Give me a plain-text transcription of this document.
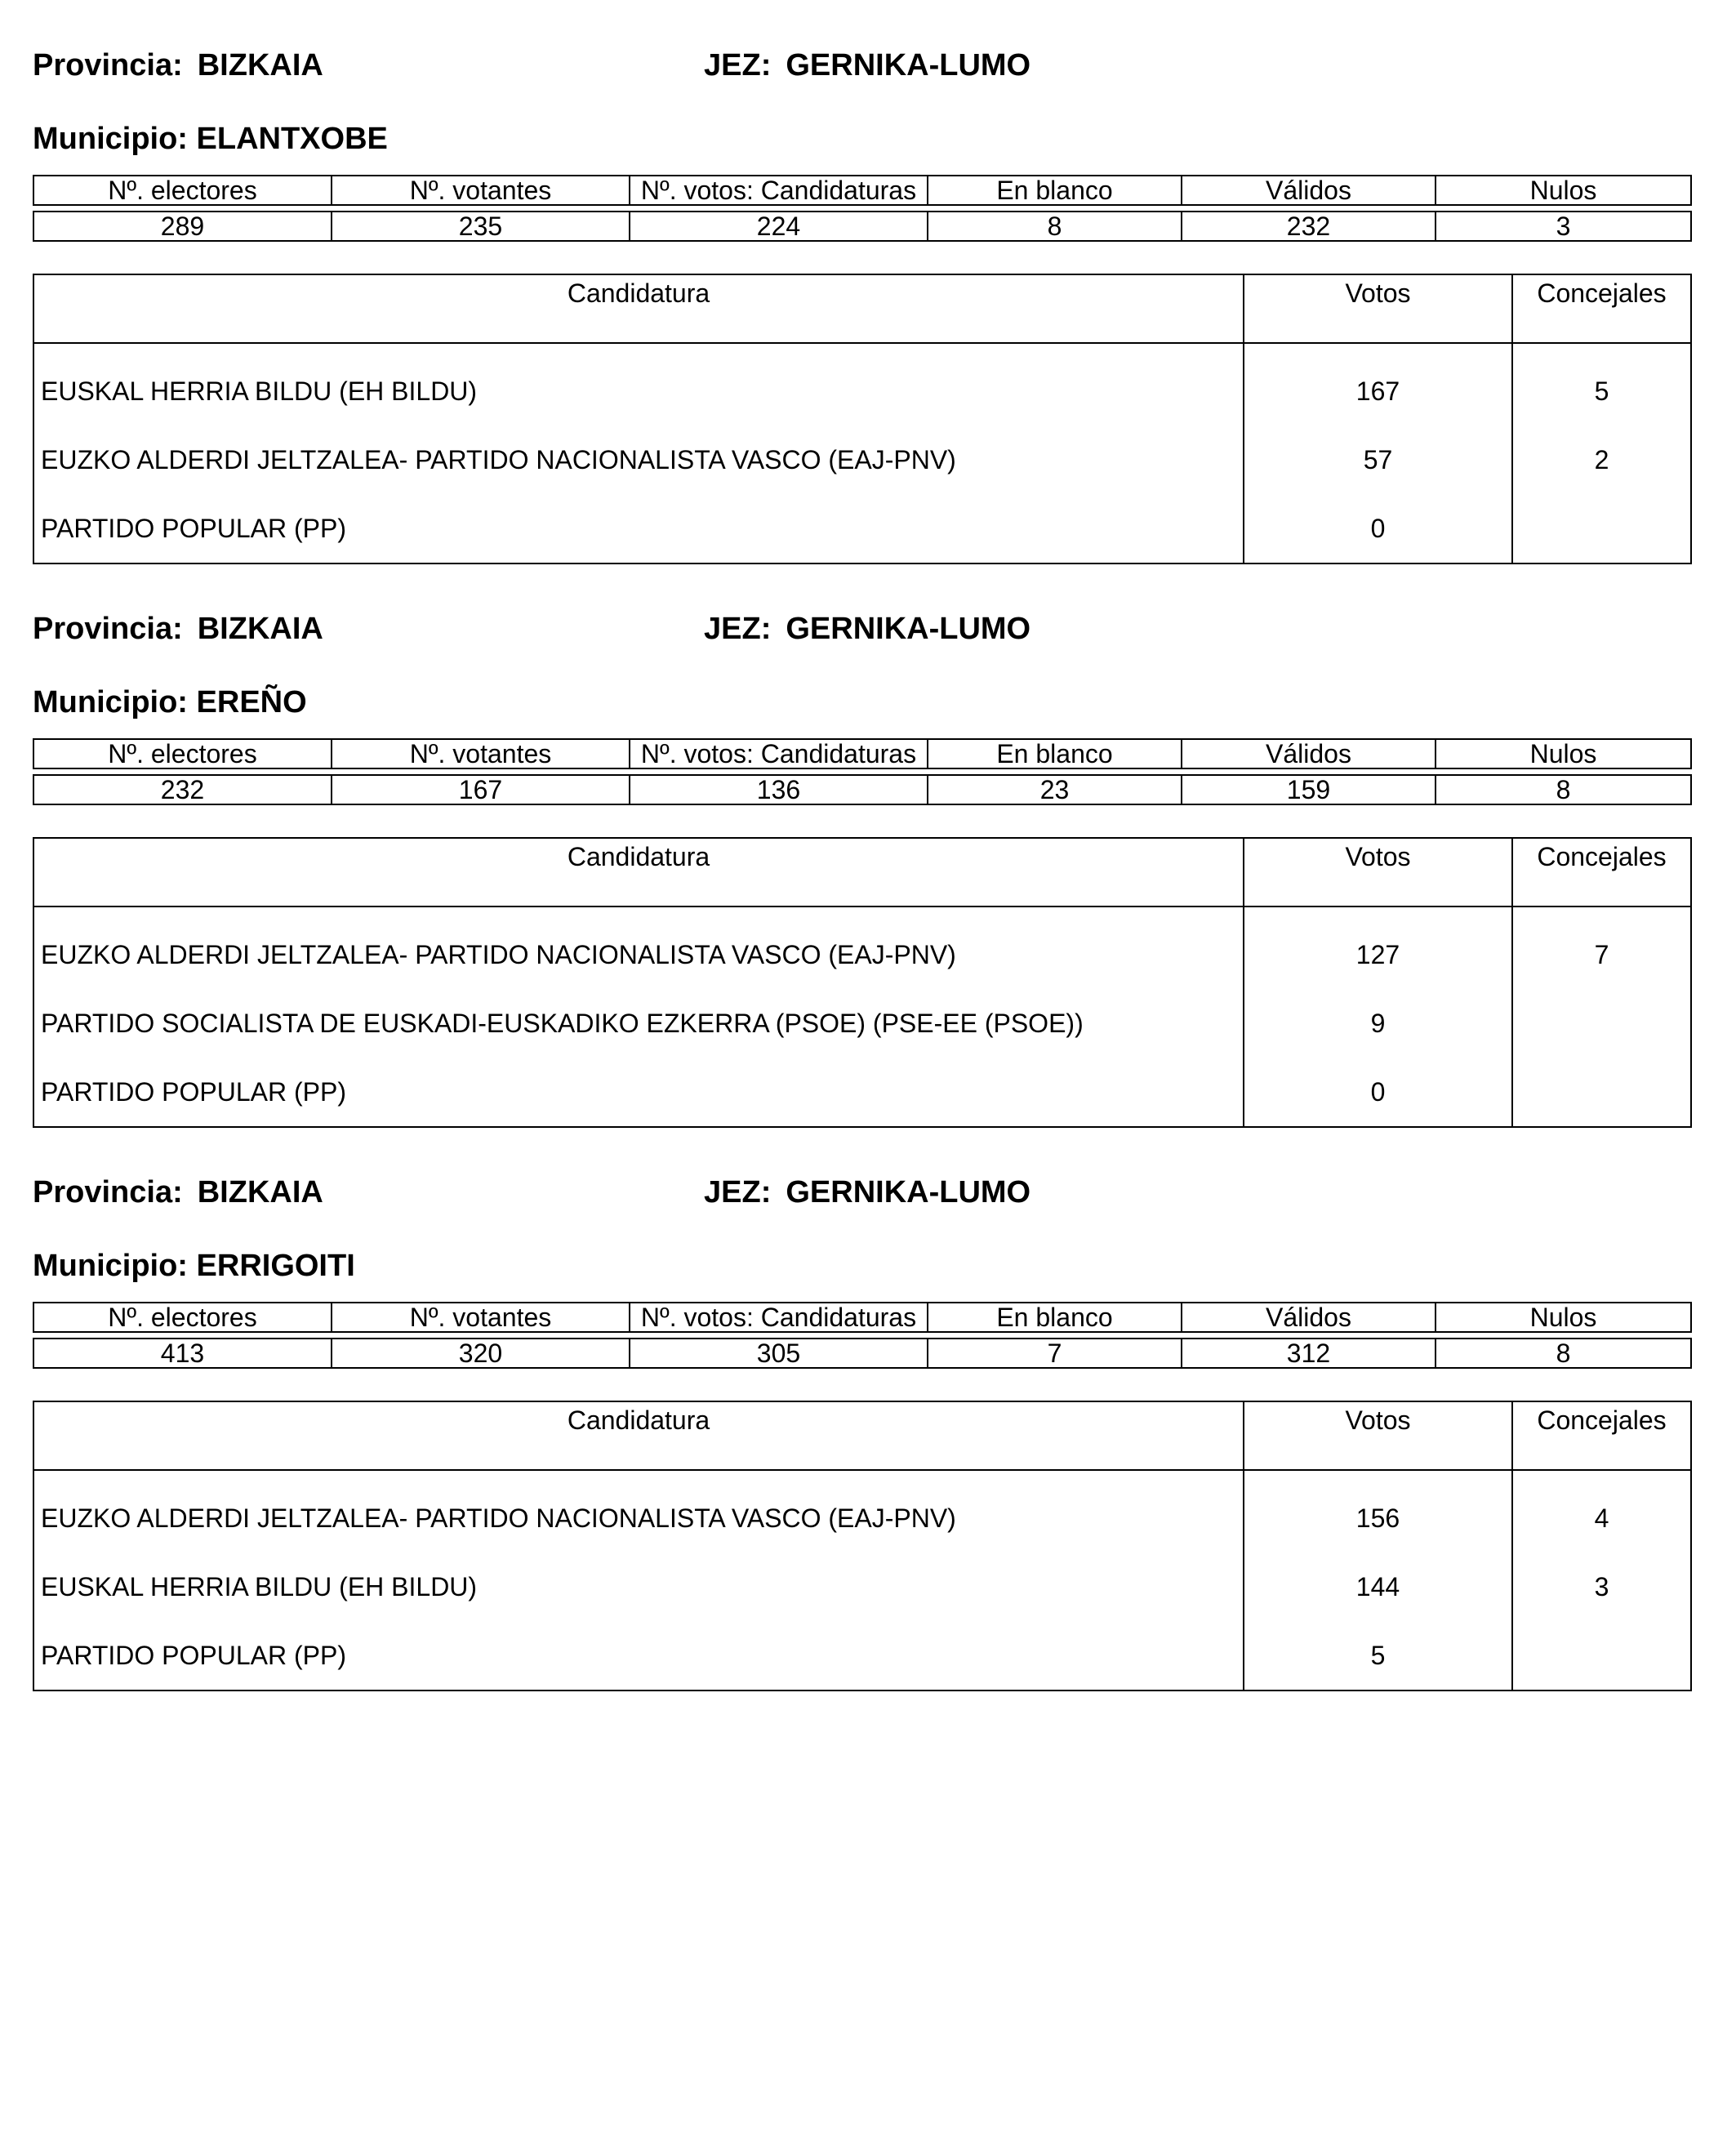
Provincia: BIZKAIA	JEZ: GERNIKA-LUMO
Municipio: ELANTXOBE
Nº. electores	Nº. votantes	Nº. votos: Candidaturas	En blanco	Válidos	Nulos

289	235	224	8	232	3
Candidatura	Votos	Concejales
EUSKAL HERRIA BILDU (EH BILDU)	167	5
EUZKO ALDERDI JELTZALEA- PARTIDO NACIONALISTA VASCO (EAJ-PNV)	57	2
PARTIDO POPULAR (PP)	0	
Provincia: BIZKAIA	JEZ: GERNIKA-LUMO
Municipio: EREÑO
Nº. electores	Nº. votantes	Nº. votos: Candidaturas	En blanco	Válidos	Nulos

232	167	136	23	159	8
Candidatura	Votos	Concejales
EUZKO ALDERDI JELTZALEA- PARTIDO NACIONALISTA VASCO (EAJ-PNV)	127	7
PARTIDO SOCIALISTA DE EUSKADI-EUSKADIKO EZKERRA (PSOE) (PSE-EE (PSOE))	9	
PARTIDO POPULAR (PP)	0	
Provincia: BIZKAIA	JEZ: GERNIKA-LUMO
Municipio: ERRIGOITI
Nº. electores	Nº. votantes	Nº. votos: Candidaturas	En blanco	Válidos	Nulos

413	320	305	7	312	8
Candidatura	Votos	Concejales
EUZKO ALDERDI JELTZALEA- PARTIDO NACIONALISTA VASCO (EAJ-PNV)	156	4
EUSKAL HERRIA BILDU (EH BILDU)	144	3
PARTIDO POPULAR (PP)	5	
